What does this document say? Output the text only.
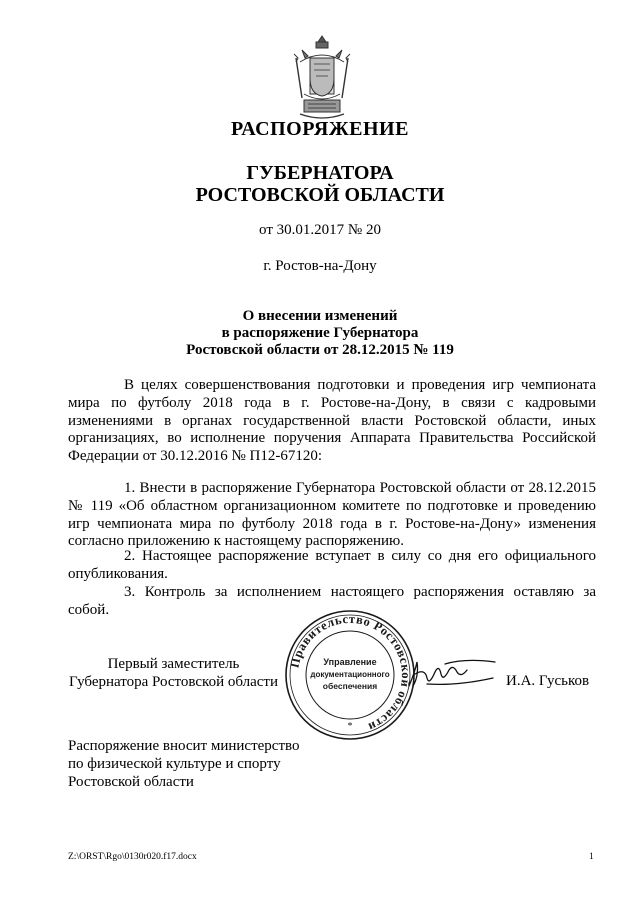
РАСПОРЯЖЕНИЕ
ГУБЕРНАТОРА
РОСТОВСКОЙ ОБЛАСТИ
от 30.01.2017 № 20
г. Ростов-на-Дону
О внесении изменений
в распоряжение Губернатора
Ростовской области от 28.12.2015 № 119
В целях совершенствования подготовки и проведения игр чемпионата мира по футболу 2018 года в г. Ростове-на-Дону, в связи с кадровыми изменениями в органах государственной власти Ростовской области, иных организациях, во исполнение поручения Аппарата Правительства Российской Федерации от 30.12.2016 № П12-67120:
1. Внести в распоряжение Губернатора Ростовской области от 28.12.2015 № 119 «Об областном организационном комитете по подготовке и проведению игр чемпионата мира по футболу 2018 года в г. Ростове-на-Дону» изменения согласно приложению к настоящему распоряжению.
2. Настоящее распоряжение вступает в силу со дня его официального опубликования.
3. Контроль за исполнением настоящего распоряжения оставляю за собой.
Первый заместитель
Губернатора Ростовской области
Правительство Ростовской области
Управление
документационного
обеспечения
*
И.А. Гуськов
Распоряжение вносит министерство по физической культуре и спорту Ростовской области
Z:\ORST\Rgo\0130r020.f17.docx	1
